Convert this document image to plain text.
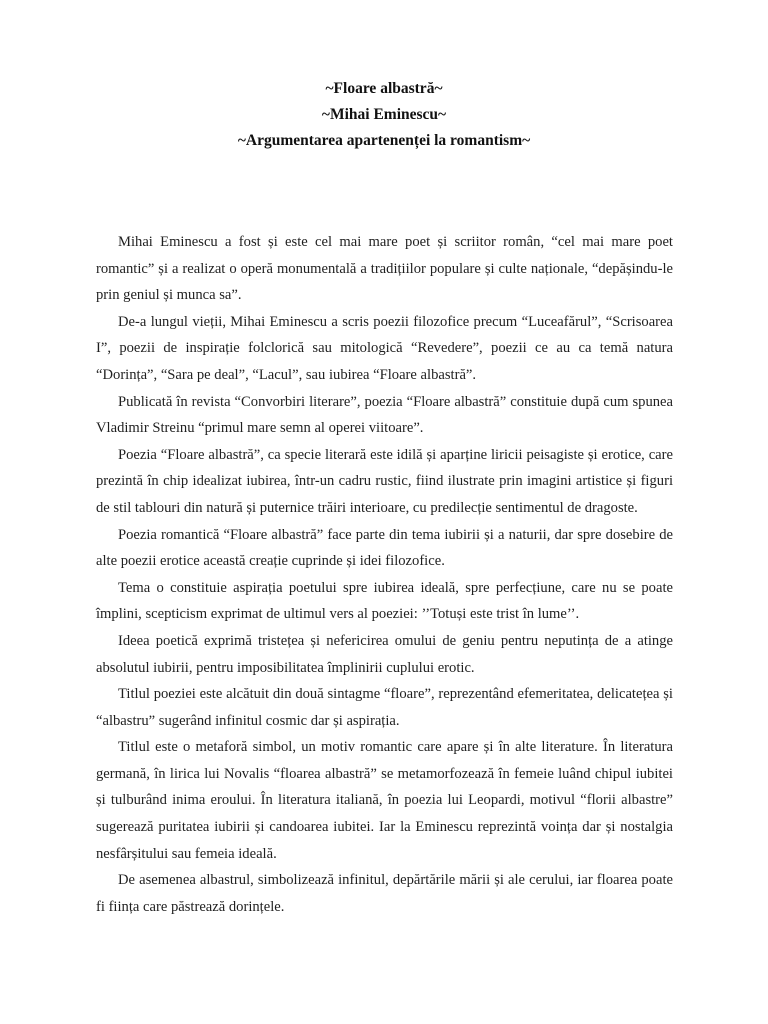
~Floare albastră~

~Mihai Eminescu~

~Argumentarea apartenenței la romantism~

Mihai Eminescu a fost și este cel mai mare poet și scriitor român, “cel mai mare poet romantic” și a realizat o operă monumentală a tradițiilor populare și culte naționale, “depășindu-le prin geniul și munca sa”.

De-a lungul vieții, Mihai Eminescu a scris poezii filozofice precum “Luceafărul”, “Scrisoarea I”, poezii de inspirație folclorică sau mitologică “Revedere”, poezii ce au ca temă natura “Dorința”, “Sara pe deal”, “Lacul”, sau iubirea “Floare albastră”.

Publicată în revista “Convorbiri literare”, poezia “Floare albastră” constituie după cum spunea Vladimir Streinu “primul mare semn al operei viitoare”.

Poezia “Floare albastră”, ca specie literară este idilă și aparține liricii peisagiste și erotice, care prezintă în chip idealizat iubirea, într-un cadru rustic, fiind ilustrate prin imagini artistice și figuri de stil tablouri din natură și puternice trăiri interioare, cu predilecție sentimentul de dragoste.

Poezia romantică “Floare albastră” face parte din tema iubirii și a naturii, dar spre dosebire de alte poezii erotice această creație cuprinde și idei filozofice.

Tema o constituie aspirația poetului spre iubirea ideală, spre perfecțiune, care nu se poate împlini, scepticism exprimat de ultimul vers al poeziei: ’’Totuși este trist în lume’’.

Ideea poetică exprimă tristețea și nefericirea omului de geniu pentru neputința de a atinge absolutul iubirii, pentru imposibilitatea împlinirii cuplului erotic.

Titlul poeziei este alcătuit din două sintagme “floare”, reprezentând efemeritatea, delicatețea și “albastru” sugerând infinitul cosmic dar și aspirația.

Titlul este o metaforă simbol, un motiv romantic care apare și în alte literature. În literatura germană, în lirica lui Novalis “floarea albastră” se metamorfozează în femeie luând chipul iubitei și tulburând inima eroului. În literatura italiană, în poezia lui Leopardi, motivul “florii albastre” sugerează puritatea iubirii și candoarea iubitei. Iar la Eminescu reprezintă voința dar și nostalgia nesfârșitului sau femeia ideală.

De asemenea albastrul, simbolizează infinitul, depărtările mării și ale cerului, iar floarea poate fi ființa care păstrează dorințele.
